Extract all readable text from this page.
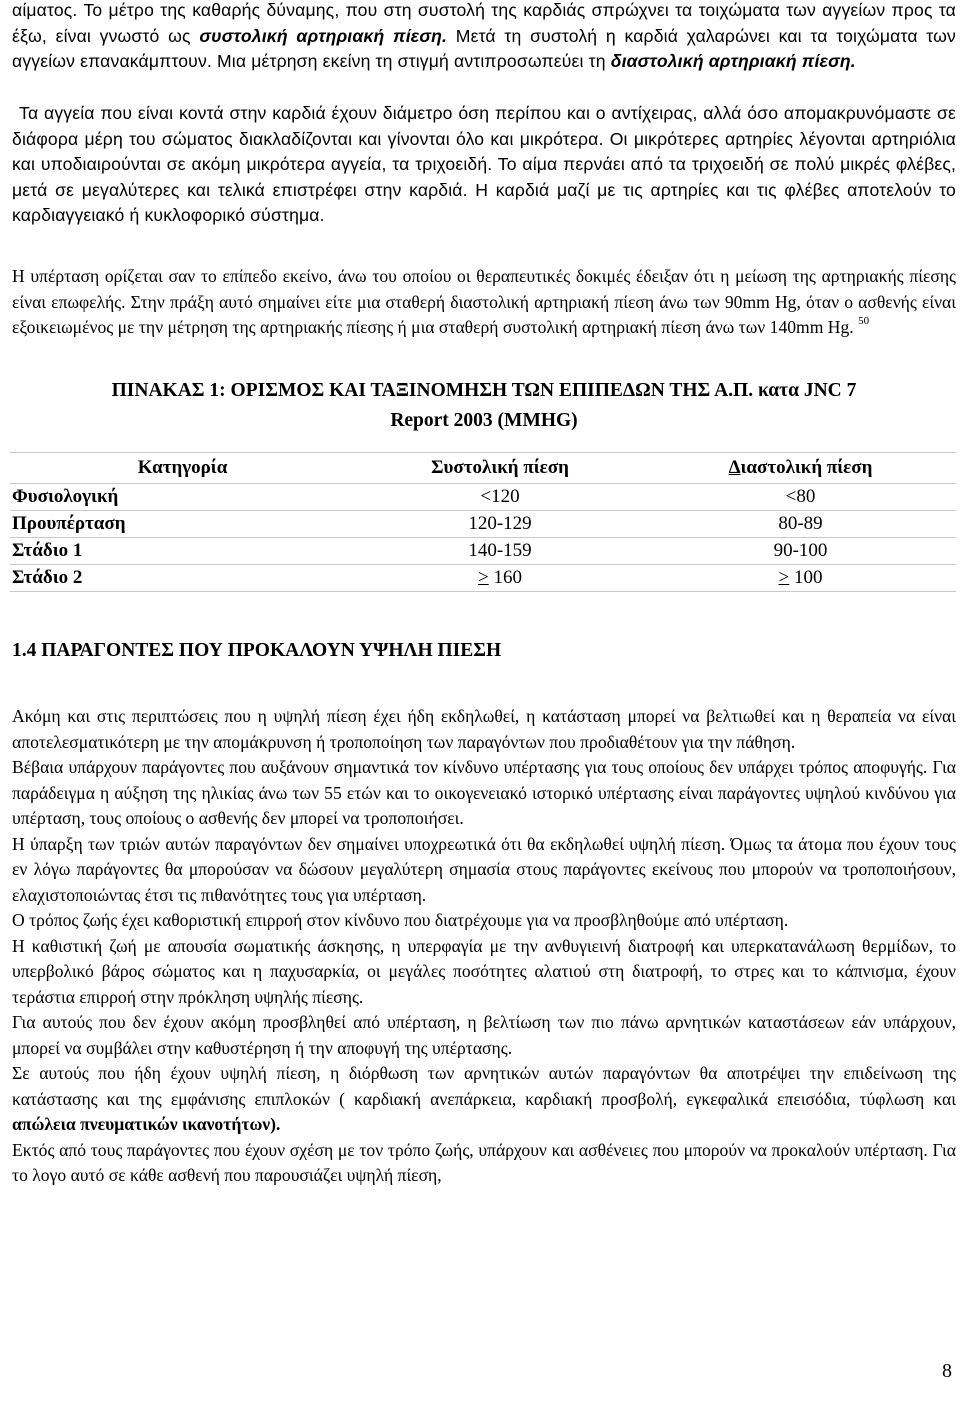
αίματος. Το μέτρο της καθαρής δύναμης, που στη συστολή της καρδιάς σπρώχνει τα τοιχώματα των αγγείων προς τα έξω, είναι γνωστό ως συστολική αρτηριακή πίεση. Μετά τη συστολή η καρδιά χαλαρώνει και τα τοιχώματα των αγγείων επανακάμπτουν. Μια μέτρηση εκείνη τη στιγμή αντιπροσωπεύει τη διαστολική αρτηριακή πίεση.

Τα αγγεία που είναι κοντά στην καρδιά έχουν διάμετρο όση περίπου και ο αντίχειρας, αλλά όσο απομακρυνόμαστε σε διάφορα μέρη του σώματος διακλαδίζονται και γίνονται όλο και μικρότερα. Οι μικρότερες αρτηρίες λέγονται αρτηριόλια και υποδιαιρούνται σε ακόμη μικρότερα αγγεία, τα τριχοειδή. Το αίμα περνάει από τα τριχοειδή σε πολύ μικρές φλέβες, μετά σε μεγαλύτερες και τελικά επιστρέφει στην καρδιά. Η καρδιά μαζί με τις αρτηρίες και τις φλέβες αποτελούν το καρδιαγγειακό ή κυκλοφορικό σύστημα.

Η υπέρταση ορίζεται σαν το επίπεδο εκείνο, άνω του οποίου οι θεραπευτικές δοκιμές έδειξαν ότι η μείωση της αρτηριακής πίεσης είναι επωφελής. Στην πράξη αυτό σημαίνει είτε μια σταθερή διαστολική αρτηριακή πίεση άνω των 90mm Hg, όταν ο ασθενής είναι εξοικειωμένος με την μέτρηση της αρτηριακής πίεσης ή μια σταθερή συστολική αρτηριακή πίεση άνω των 140mm Hg. $^{50}$

ΠΙΝΑΚΑΣ 1: ΟΡΙΣΜΟΣ ΚΑΙ ΤΑΞΙΝΟΜΗΣΗ ΤΩΝ ΕΠΙΠΕΔΩΝ ΤΗΣ Α.Π. κατα JNC 7

Report 2003 (MMHG)

Κατηγορία	Συστολική πίεση	Διαστολική πίεση
Φυσιολογική	<120	<80
Προυπέρταση	120-129	80-89
Στάδιο 1	140-159	90-100
Στάδιο 2	> 160	> 100

1.4 ΠΑΡΑΓΟΝΤΕΣ ΠΟΥ ΠΡΟΚΑΛΟΥΝ ΥΨΗΛΗ ΠΙΕΣΗ

Ακόμη και στις περιπτώσεις που η υψηλή πίεση έχει ήδη εκδηλωθεί, η κατάσταση μπορεί να βελτιωθεί και η θεραπεία να είναι αποτελεσματικότερη με την απομάκρυνση ή τροποποίηση των παραγόντων που προδιαθέτουν για την πάθηση.

Βέβαια υπάρχουν παράγοντες που αυξάνουν σημαντικά τον κίνδυνο υπέρτασης για τους οποίους δεν υπάρχει τρόπος αποφυγής. Για παράδειγμα η αύξηση της ηλικίας άνω των 55 ετών και το οικογενειακό ιστορικό υπέρτασης είναι παράγοντες υψηλού κινδύνου για υπέρταση, τους οποίους ο ασθενής δεν μπορεί να τροποποιήσει.

Η ύπαρξη των τριών αυτών παραγόντων δεν σημαίνει υποχρεωτικά ότι θα εκδηλωθεί υψηλή πίεση. Όμως τα άτομα που έχουν τους εν λόγω παράγοντες θα μπορούσαν να δώσουν μεγαλύτερη σημασία στους παράγοντες εκείνους που μπορούν να τροποποιήσουν, ελαχιστοποιώντας έτσι τις πιθανότητες τους για υπέρταση.

Ο τρόπος ζωής έχει καθοριστική επιρροή στον κίνδυνο που διατρέχουμε για να προσβληθούμε από υπέρταση.

Η καθιστική ζωή με απουσία σωματικής άσκησης, η υπερφαγία με την ανθυγιεινή διατροφή και υπερκατανάλωση θερμίδων, το υπερβολικό βάρος σώματος και η παχυσαρκία, οι μεγάλες ποσότητες αλατιού στη διατροφή, το στρες και το κάπνισμα, έχουν τεράστια επιρροή στην πρόκληση υψηλής πίεσης.

Για αυτούς που δεν έχουν ακόμη προσβληθεί από υπέρταση, η βελτίωση των πιο πάνω αρνητικών καταστάσεων εάν υπάρχουν, μπορεί να συμβάλει στην καθυστέρηση ή την αποφυγή της υπέρτασης.

Σε αυτούς που ήδη έχουν υψηλή πίεση, η διόρθωση των αρνητικών αυτών παραγόντων θα αποτρέψει την επιδείνωση της κατάστασης και της εμφάνισης επιπλοκών ( καρδιακή ανεπάρκεια, καρδιακή προσβολή, εγκεφαλικά επεισόδια, τύφλωση και απώλεια πνευματικών ικανοτήτων).

Εκτός από τους παράγοντες που έχουν σχέση με τον τρόπο ζωής, υπάρχουν και ασθένειες που μπορούν να προκαλούν υπέρταση. Για το λογο αυτό σε κάθε ασθενή που παρουσιάζει υψηλή πίεση,

8
